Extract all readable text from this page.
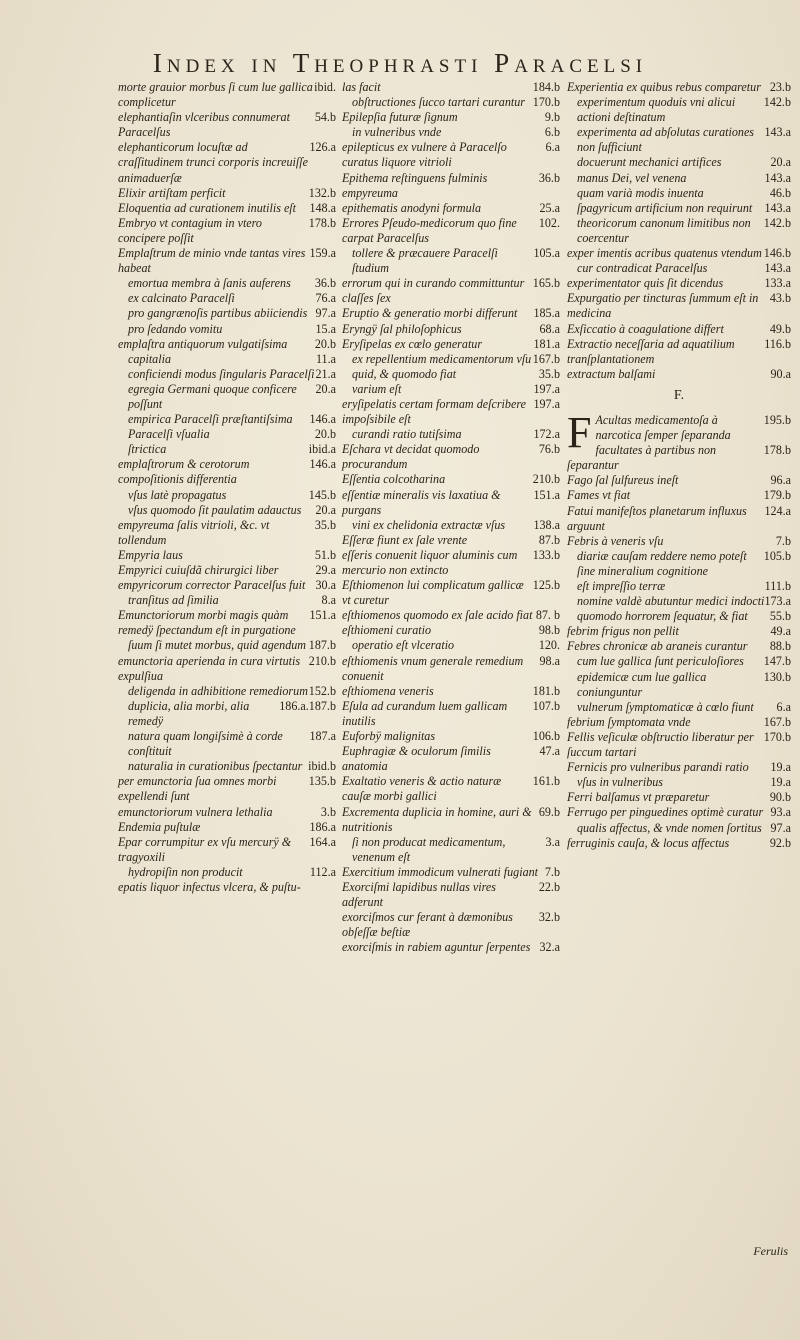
Index in Theophrasti Paracelsi
ibid.
morte grauior morbus ſi cum lue gallica complicetur
54.b
elephantiaſin vlceribus connumerat Paracelſus
126.a
elephanticorum locuſtæ ad craſſitudinem trunci corporis increuiſſe animaduerſæ
132.b
Elixir artiſtam perficit
148.a
Eloquentia ad curationem inutilis eſt
178.b
Embryo vt contagium in vtero concipere poſſit
159.a
Emplaſtrum de minio vnde tantas vires habeat
36.b
emortua membra à ſanis auferens
76.a
ex calcinato Paracelſi
97.a
pro gangrænoſis partibus abiiciendis
15.a
pro ſedando vomitu
20.b
emplaſtra antiquorum vulgatiſsima
11.a
capitalia
21.a
conficiendi modus ſingularis Paracelſi
20.a
egregia Germani quoque conficere poſſunt
146.a
empirica Paracelſi præſtantiſsima
20.b
Paracelſi vſualia
ibid.a
ſtrictica
146.a
emplaſtrorum & cerotorum compoſitionis differentia
145.b
vſus latè propagatus
20.a
vſus quomodo ſit paulatim adauctus
35.b
empyreuma ſalis vitrioli, &c. vt tollendum
51.b
Empyria laus
29.a
Empyrici cuiuſdã chirurgici liber
30.a
empyricorum corrector Paracelſus fuit
8.a
tranſitus ad ſimilia
151.a
Emunctoriorum morbi magis quàm remedÿ ſpectandum eſt in purgatione
187.b
ſuum ſi mutet morbus, quid agendum
210.b
emunctoria aperienda in cura virtutis expulſiua
152.b
deligenda in adhibitione remediorum
186.a.187.b
duplicia, alia morbi, alia remedÿ
187.a
natura quam longiſsimè à corde conſtituit
ibid.b
naturalia in curationibus ſpectantur
135.b
per emunctoria ſua omnes morbi expellendi ſunt
3.b
emunctoriorum vulnera lethalia
186.a
Endemia puſtulæ
164.a
Epar corrumpitur ex vſu mercurÿ & tragyoxili
112.a
hydropiſin non producit
epatis liquor infectus vlcera, & puſtu-
184.b
las facit
170.b
obſtructiones ſucco tartari curantur
9.b
Epilepſia futuræ ſignum
6.b
in vulneribus vnde
6.a
epilepticus ex vulnere à Paracelſo curatus liquore vitrioli
36.b
Epithema reſtinguens fulminis empyreuma
25.a
epithematis anodyni formula
102.
Errores Pſeudo-medicorum quo fine carpat Paracelſus
105.a
tollere & præcauere Paracelſi ſtudium
165.b
errorum qui in curando committuntur claſſes ſex
185.a
Eruptio & generatio morbi differunt
68.a
Eryngÿ ſal philoſophicus
181.a
Eryſipelas ex cœlo generatur
167.b
ex repellentium medicamentorum vſu
35.b
quid, & quomodo fiat
197.a
varium eſt
197.a
eryſipelatis certam formam deſcribere impoſsibile eſt
172.a
curandi ratio tutiſsima
76.b
Eſchara vt decidat quomodo procurandum
210.b
Eſſentia colcotharina
151.a
eſſentiæ mineralis vis laxatiua & purgans
138.a
vini ex chelidonia extractæ vſus
87.b
Eſſeræ fiunt ex ſale vrente
133.b
eſſeris conuenit liquor aluminis cum mercurio non extincto
125.b
Eſthiomenon lui complicatum gallicæ vt curetur
87. b
eſthiomenos quomodo ex ſale acido fiat
98.b
eſthiomeni curatio
120.
operatio eſt vlceratio
98.a
eſthiomenis vnum generale remedium conuenit
181.b
eſthiomena veneris
107.b
Eſula ad curandum luem gallicam inutilis
106.b
Euforbÿ malignitas
47.a
Euphragiæ & oculorum ſimilis anatomia
161.b
Exaltatio veneris & actio naturæ cauſæ morbi gallici
69.b
Excrementa duplicia in homine, auri & nutritionis
3.a
ſi non producat medicamentum, venenum eſt
7.b
Exercitium immodicum vulnerati fugiant
22.b
Exorciſmi lapidibus nullas vires adferunt
32.b
exorciſmos cur ferant à dæmonibus obſeſſæ beſtiæ
32.a
exorciſmis in rabiem aguntur ſerpentes
23.b
Experientia ex quibus rebus comparetur
142.b
experimentum quoduis vni alicui actioni deſtinatum
143.a
experimenta ad abſolutas curationes non ſufficiunt
20.a
docuerunt mechanici artifices
143.a
manus Dei, vel venena
46.b
quam varià modis inuenta
143.a
ſpagyricum artificium non requirunt
142.b
theoricorum canonum limitibus non coercentur
146.b
exper imentis acribus quatenus vtendum
143.a
cur contradicat Paracelſus
133.a
experimentator quis ſit dicendus
43.b
Expurgatio per tincturas ſummum eſt in medicina
49.b
Exſiccatio à coagulatione differt
116.b
Extractio neceſſaria ad aquatilium tranſplantationem
90.a
extractum balſami
F.
F	195.b
Acultas medicamentoſa à narcotica ſemper ſeparanda
178.b
facultates à partibus non ſeparantur
96.a
Fago ſal ſulfureus ineſt
179.b
Fames vt fiat
124.a
Fatui manifeſtos planetarum influxus arguunt
7.b
Febris à veneris vſu
105.b
diariæ cauſam reddere nemo poteſt ſine mineralium cognitione
111.b
eſt impreſſio terræ
173.a
nomine valdè abutuntur medici indocti
55.b
quomodo horrorem ſequatur, & fiat
49.a
febrim frigus non pellit
88.b
Febres chronicæ ab araneis curantur
147.b
cum lue gallica ſunt periculoſiores
130.b
epidemicæ cum lue gallica coniunguntur
6.a
vulnerum ſymptomaticæ à cœlo fiunt
167.b
febrium ſymptomata vnde
170.b
Fellis veſiculæ obſtructio liberatur per ſuccum tartari
19.a
Fernicis pro vulneribus parandi ratio
19.a
vſus in vulneribus
90.b
Ferri balſamus vt præparetur
93.a
Ferrugo per pinguedines optimè curatur
97.a
qualis affectus, & vnde nomen ſortitus
92.b
ferruginis cauſa, & locus affectus
Ferulis
